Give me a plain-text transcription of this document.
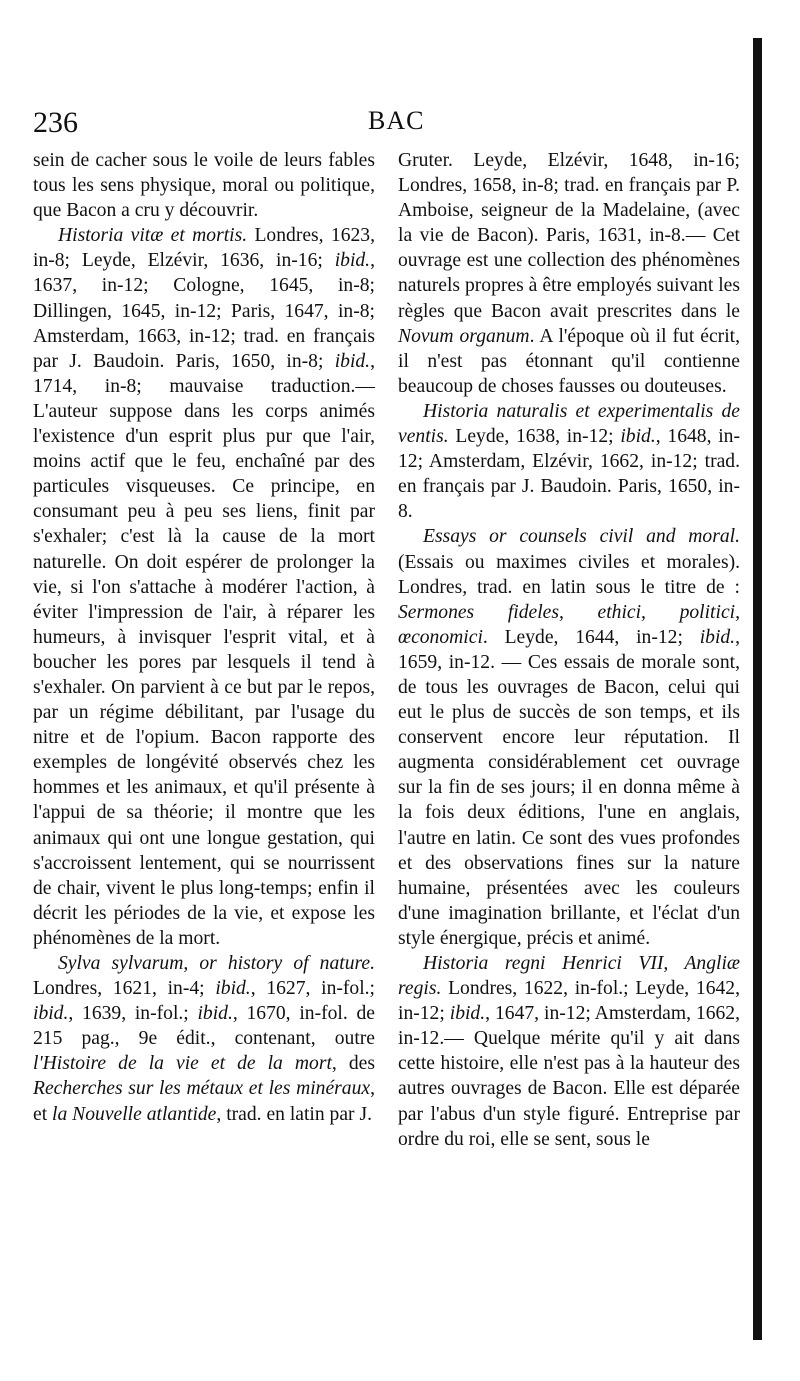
236	BAC

sein de cacher sous le voile de leurs fables tous les sens physique, moral ou politique, que Bacon a cru y découvrir.

Historia vitæ et mortis. Londres, 1623, in-8; Leyde, Elzévir, 1636, in-16; ibid., 1637, in-12; Cologne, 1645, in-8; Dillingen, 1645, in-12; Paris, 1647, in-8; Amsterdam, 1663, in-12; trad. en français par J. Baudoin. Paris, 1650, in-8; ibid., 1714, in-8; mauvaise traduction.— L'auteur suppose dans les corps animés l'existence d'un esprit plus pur que l'air, moins actif que le feu, enchaîné par des particules visqueuses. Ce principe, en consumant peu à peu ses liens, finit par s'exhaler; c'est là la cause de la mort naturelle. On doit espérer de prolonger la vie, si l'on s'attache à modérer l'action, à éviter l'impression de l'air, à réparer les humeurs, à invisquer l'esprit vital, et à boucher les pores par lesquels il tend à s'exhaler. On parvient à ce but par le repos, par un régime débilitant, par l'usage du nitre et de l'opium. Bacon rapporte des exemples de longévité observés chez les hommes et les animaux, et qu'il présente à l'appui de sa théorie; il montre que les animaux qui ont une longue gestation, qui s'accroissent lentement, qui se nourrissent de chair, vivent le plus long-temps; enfin il décrit les périodes de la vie, et expose les phénomènes de la mort.

Sylva sylvarum, or history of nature. Londres, 1621, in-4; ibid., 1627, in-fol.; ibid., 1639, in-fol.; ibid., 1670, in-fol. de 215 pag., 9e édit., contenant, outre l'Histoire de la vie et de la mort, des Recherches sur les métaux et les minéraux, et la Nouvelle atlantide, trad. en latin par J.

Gruter. Leyde, Elzévir, 1648, in-16; Londres, 1658, in-8; trad. en français par P. Amboise, seigneur de la Madelaine, (avec la vie de Bacon). Paris, 1631, in-8.— Cet ouvrage est une collection des phénomènes naturels propres à être employés suivant les règles que Bacon avait prescrites dans le Novum organum. A l'époque où il fut écrit, il n'est pas étonnant qu'il contienne beaucoup de choses fausses ou douteuses.

Historia naturalis et experimentalis de ventis. Leyde, 1638, in-12; ibid., 1648, in-12; Amsterdam, Elzévir, 1662, in-12; trad. en français par J. Baudoin. Paris, 1650, in-8.

Essays or counsels civil and moral. (Essais ou maximes civiles et morales). Londres, trad. en latin sous le titre de : Sermones fideles, ethici, politici, œconomici. Leyde, 1644, in-12; ibid., 1659, in-12. — Ces essais de morale sont, de tous les ouvrages de Bacon, celui qui eut le plus de succès de son temps, et ils conservent encore leur réputation. Il augmenta considérablement cet ouvrage sur la fin de ses jours; il en donna même à la fois deux éditions, l'une en anglais, l'autre en latin. Ce sont des vues profondes et des observations fines sur la nature humaine, présentées avec les couleurs d'une imagination brillante, et l'éclat d'un style énergique, précis et animé.

Historia regni Henrici VII, Angliæ regis. Londres, 1622, in-fol.; Leyde, 1642, in-12; ibid., 1647, in-12; Amsterdam, 1662, in-12.— Quelque mérite qu'il y ait dans cette histoire, elle n'est pas à la hauteur des autres ouvrages de Bacon. Elle est déparée par l'abus d'un style figuré. Entreprise par ordre du roi, elle se sent, sous le
